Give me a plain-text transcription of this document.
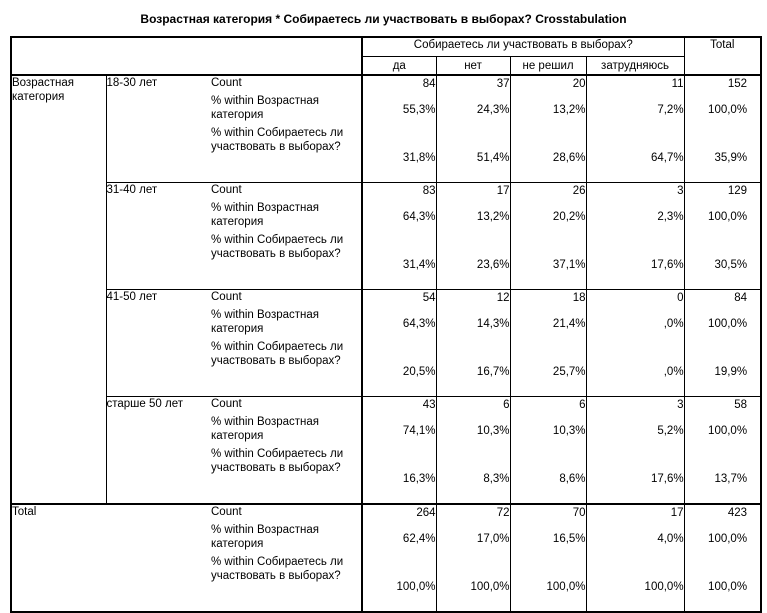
Возрастная категория * Собираетесь ли участвовать в выборах? Crosstabulation
			Собираетесь ли участвовать в выборах?				Total
			да	нет	не решил	затрудняюсь	
Возрастная категория	18-30 лет	Count	84	37	20	11	152
		% within Возрастная категория	55,3%	24,3%	13,2%	7,2%	100,0%
		% within Собираетесь ли участвовать в выборах?	31,8%	51,4%	28,6%	64,7%	35,9%
	31-40 лет	Count	83	17	26	3	129
		% within Возрастная категория	64,3%	13,2%	20,2%	2,3%	100,0%
		% within Собираетесь ли участвовать в выборах?	31,4%	23,6%	37,1%	17,6%	30,5%
	41-50 лет	Count	54	12	18	0	84
		% within Возрастная категория	64,3%	14,3%	21,4%	,0%	100,0%
		% within Собираетесь ли участвовать в выборах?	20,5%	16,7%	25,7%	,0%	19,9%
	старше 50 лет	Count	43	6	6	3	58
		% within Возрастная категория	74,1%	10,3%	10,3%	5,2%	100,0%
		% within Собираетесь ли участвовать в выборах?	16,3%	8,3%	8,6%	17,6%	13,7%
Total		Count	264	72	70	17	423
		% within Возрастная категория	62,4%	17,0%	16,5%	4,0%	100,0%
		% within Собираетесь ли участвовать в выборах?	100,0%	100,0%	100,0%	100,0%	100,0%
